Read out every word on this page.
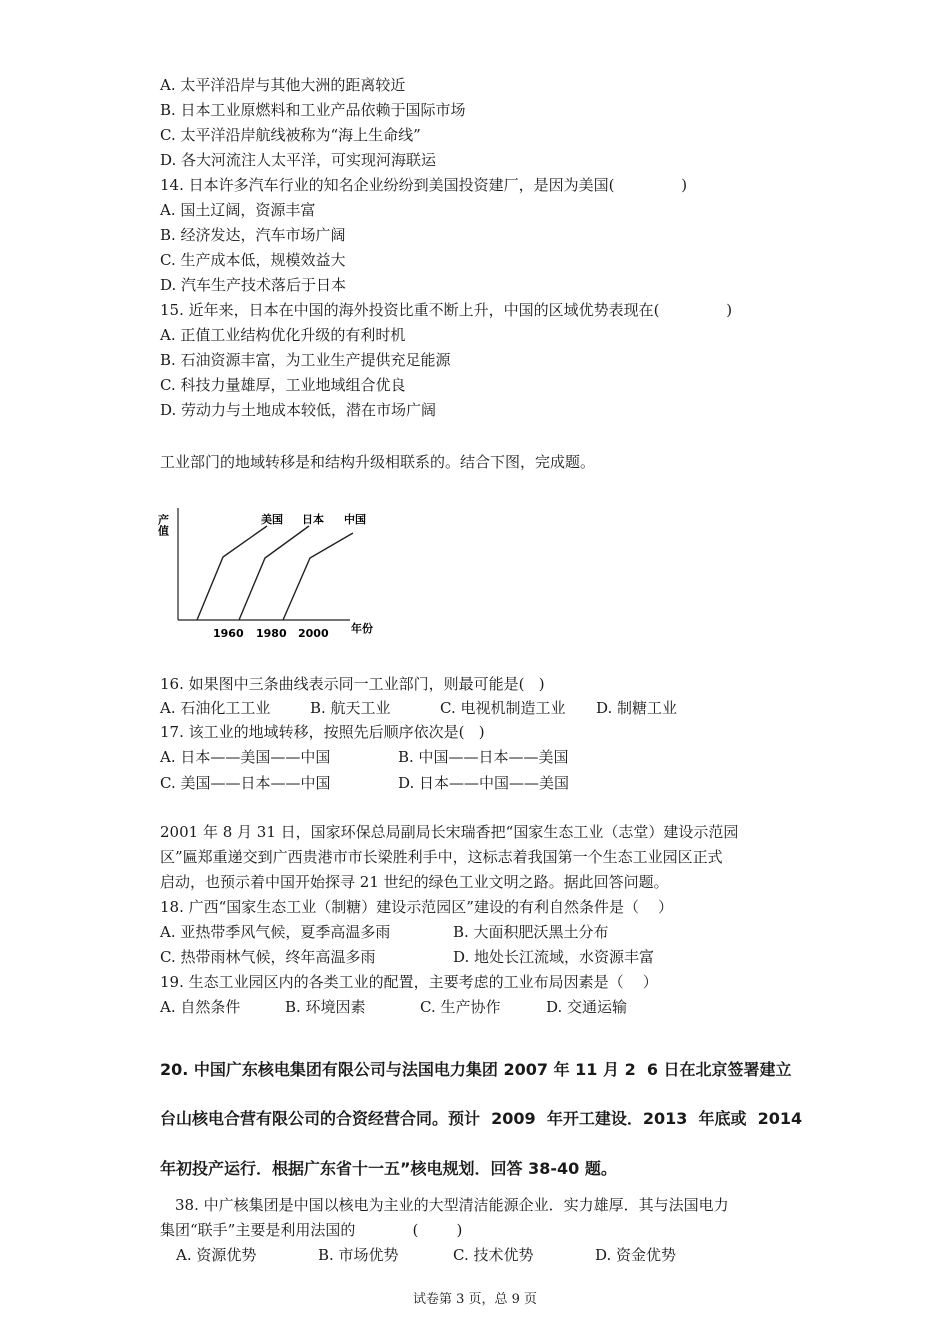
A. 太平洋沿岸与其他大洲的距离较近
B. 日本工业原燃料和工业产品依赖于国际市场
C. 太平洋沿岸航线被称为“海上生命线”
D. 各大河流注人太平洋，可实现河海联运
14. 日本许多汽车行业的知名企业纷纷到美国投资建厂，是因为美国(              )
A. 国土辽阔，资源丰富
B. 经济发达，汽车市场广阔
C. 生产成本低，规模效益大
D. 汽车生产技术落后于日本
15. 近年来，日本在中国的海外投资比重不断上升，中国的区域优势表现在(              )
A. 正值工业结构优化升级的有利时机
B. 石油资源丰富，为工业生产提供充足能源
C. 科技力量雄厚，工业地域组合优良
D. 劳动力与土地成本较低，潜在市场广阔
工业部门的地域转移是和结构升级相联系的。结合下图，完成题。
产值
年份
1960 1980 2000
美国 日本 中国
16. 如果图中三条曲线表示同一工业部门，则最可能是(   )
A. 石油化工工业	B. 航天工业	C. 电视机制造工业 D. 制糖工业
17. 该工业的地域转移，按照先后顺序依次是(   )
A. 日本——美国——中国	B. 中国——日本——美国
C. 美国——日本——中国	D. 日本——中国——美国
2001 年 8 月 31 日，国家环保总局副局长宋瑞香把“国家生态工业（志堂）建设示范园
区”匾郑重递交到广西贵港市市长梁胜利手中，这标志着我国第一个生态工业园区正式
启动，也预示着中国开始探寻 21 世纪的绿色工业文明之路。据此回答问题。
18. 广西“国家生态工业（制糖）建设示范园区”建设的有利自然条件是（    ）
A. 亚热带季风气候，夏季高温多雨	B. 大面积肥沃黑土分布
C. 热带雨林气候，终年高温多雨	D. 地处长江流域，水资源丰富
19. 生态工业园区内的各类工业的配置，主要考虑的工业布局因素是（    ）
A. 自然条件	B. 环境因素	C. 生产协作	D. 交通运输
20. 中国广东核电集团有限公司与法国电力集团 2007 年 11 月 2  6 日在北京签署建立
台山核电合营有限公司的合资经营合同。预计  2009  年开工建设．2013  年底或  2014
年初投产运行．根据广东省十一五”核电规划．回答 38-40 题。
38. 中广核集团是中国以核电为主业的大型清洁能源企业．实力雄厚．其与法国电力
集团“联手”主要是利用法国的            (        )
A. 资源优势	B. 市场优势	C. 技术优势	D. 资金优势
试卷第 3 页，总 9 页
